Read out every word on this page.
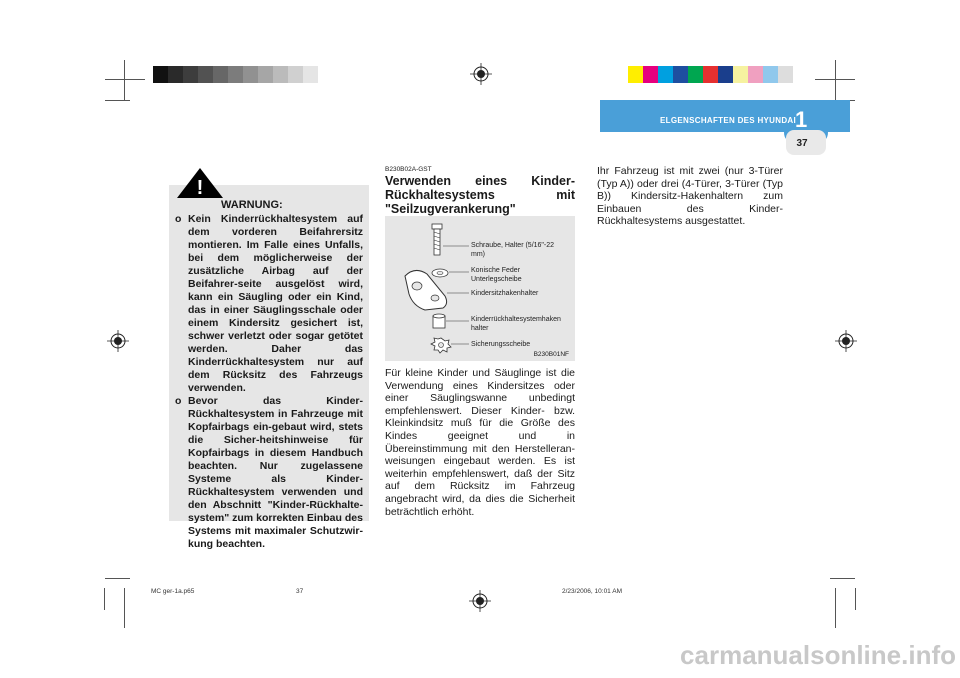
ELGENSCHAFTEN DES HYUNDAI 1
37
WARNUNG:
o Kein Kinderrückhaltesystem auf dem vorderen Beifahrersitz montieren. Im Falle eines Unfalls, bei dem möglicherweise der zusätzliche Airbag auf der Beifahrer-seite ausgelöst wird, kann ein Säugling oder ein Kind, das in einer Säuglingsschale oder einem Kindersitz gesichert ist, schwer verletzt oder sogar getötet werden. Daher das Kinderrückhaltesystem nur auf dem Rücksitz des Fahrzeugs verwenden.
o Bevor das Kinder-Rückhaltesystem in Fahrzeuge mit Kopfairbags ein-gebaut wird, stets die Sicher-heitshinweise für Kopfairbags in diesem Handbuch beachten. Nur zugelassene Systeme als Kinder-Rückhaltesystem verwenden und den Abschnitt "Kinder-Rückhalte-system" zum korrekten Einbau des Systems mit maximaler Schutzwir-kung beachten.
!
B230B02A-GST
Verwenden eines Kinder-Rückhaltesystems mit "Seilzugverankerung"
Schraube, Halter (5/16"-22 mm)
Konische Feder Unterlegscheibe
Kindersitzhakenhalter
Kinderrückhaltesystemhaken halter
Sicherungsscheibe
B230B01NF
Für kleine Kinder und Säuglinge ist die Verwendung eines Kindersitzes oder einer Säuglingswanne unbedingt empfehlenswert. Dieser Kinder- bzw. Kleinkindsitz muß für die Größe des Kindes geeignet und in Übereinstimmung mit den Herstelleran-weisungen eingebaut werden. Es ist weiterhin empfehlenswert, daß der Sitz auf dem Rücksitz im Fahrzeug angebracht wird, da dies die Sicherheit beträchtlich erhöht.
Ihr Fahrzeug ist mit zwei (nur 3-Türer (Typ A)) oder drei (4-Türer, 3-Türer (Typ B)) Kindersitz-Hakenhaltern zum Einbauen des Kinder-Rückhaltesystems ausgestattet.
MC ger-1a.p65	37	2/23/2006, 10:01 AM
carmanualsonline.info
